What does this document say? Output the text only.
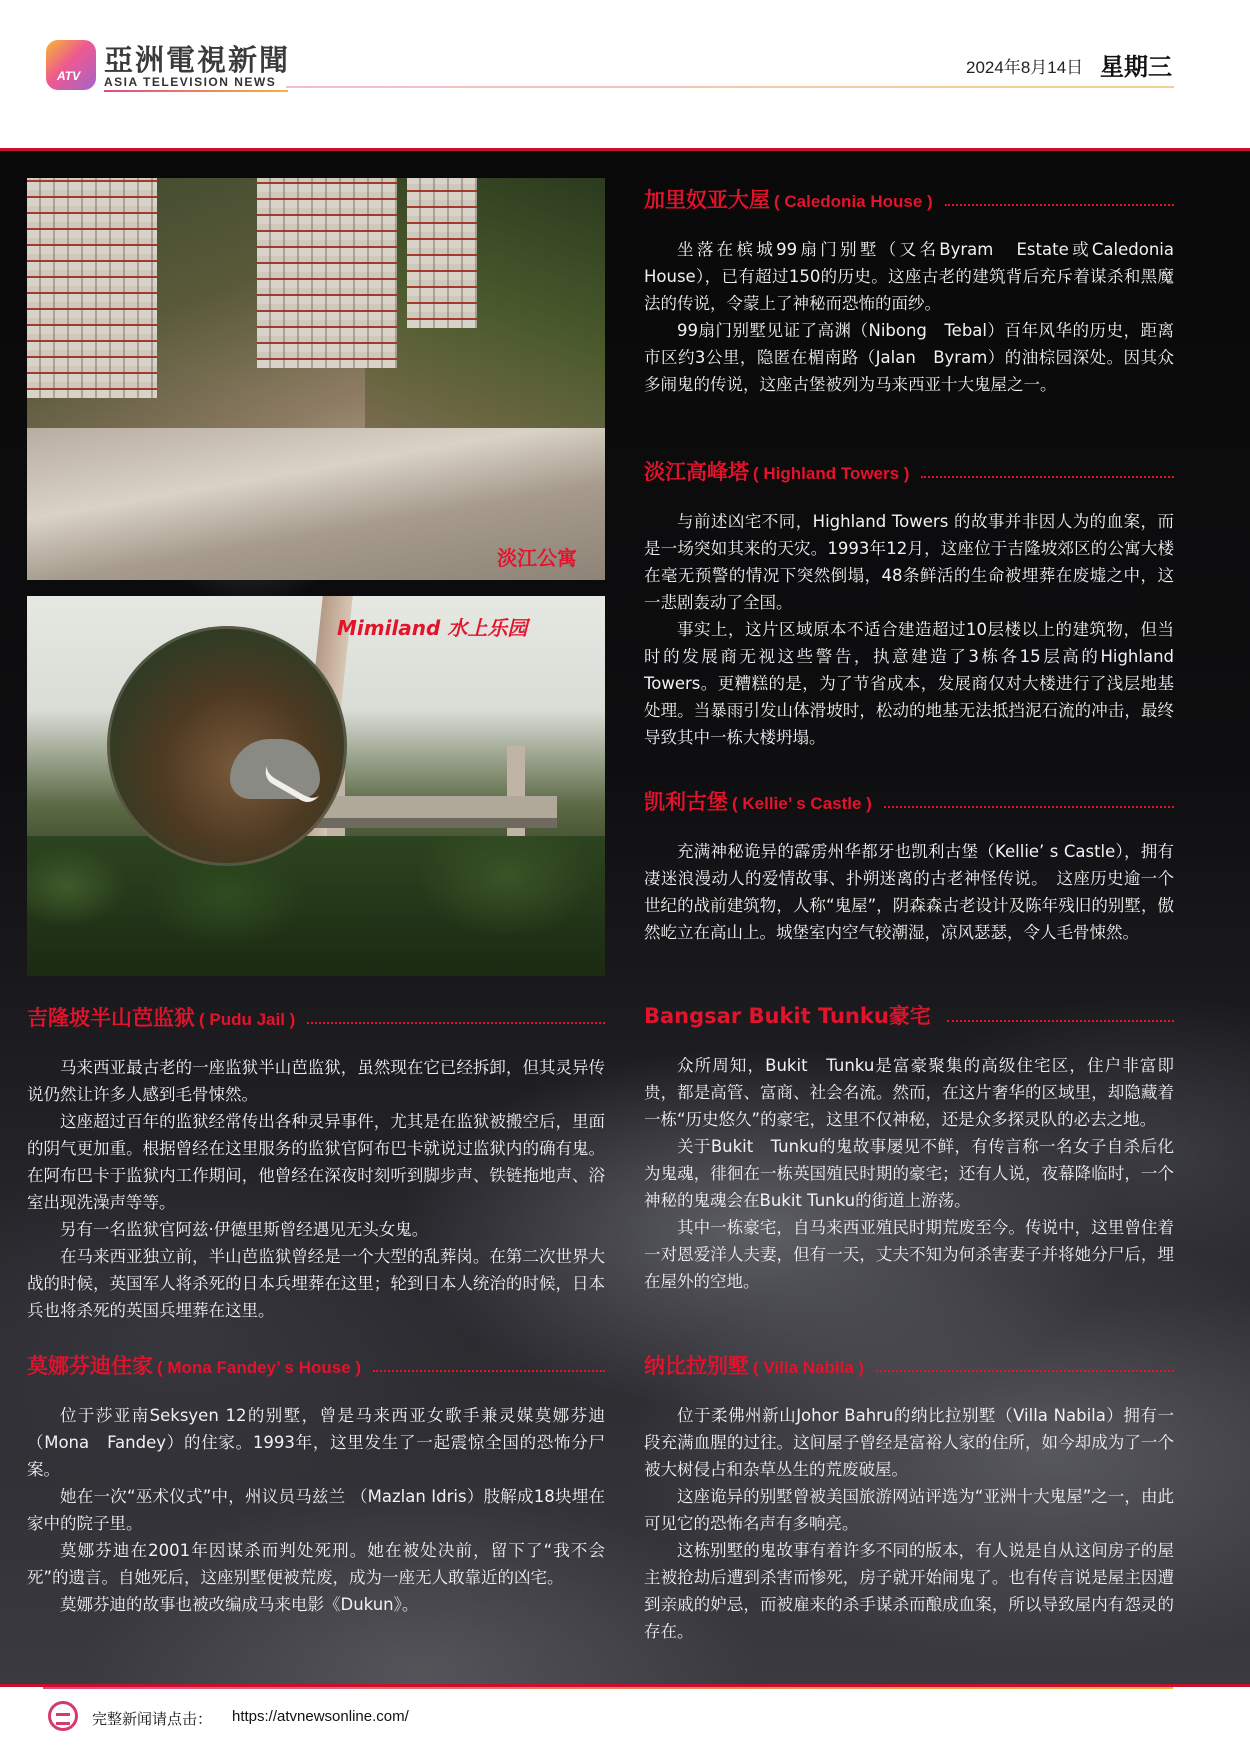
ATV 亞洲電視新聞
ASIA TELEVISION NEWS
2024年8月14日 星期三
淡江公寓
Mimiland 水上乐园
吉隆坡半山芭监狱 ( Pudu Jail )

马来西亚最古老的一座监狱半山芭监狱，虽然现在它已经拆卸，但其灵异传说仍然让许多人感到毛骨悚然。

这座超过百年的监狱经常传出各种灵异事件，尤其是在监狱被搬空后，里面的阴气更加重。根据曾经在这里服务的监狱官阿布巴卡就说过监狱内的确有鬼。在阿布巴卡于监狱内工作期间，他曾经在深夜时刻听到脚步声、铁链拖地声、浴室出现洗澡声等等。

另有一名监狱官阿兹·伊德里斯曾经遇见无头女鬼。

在马来西亚独立前，半山芭监狱曾经是一个大型的乱葬岗。在第二次世界大战的时候，英国军人将杀死的日本兵埋葬在这里；轮到日本人统治的时候，日本兵也将杀死的英国兵埋葬在这里。

莫娜芬迪住家 ( Mona Fandey’ s House )

位于莎亚南Seksyen 12的别墅，曾是马来西亚女歌手兼灵媒莫娜芬迪（Mona　Fandey）的住家。1993年，这里发生了一起震惊全国的恐怖分尸案。

她在一次“巫术仪式”中，州议员马兹兰 （Mazlan Idris）肢解成18块埋在家中的院子里。

莫娜芬迪在2001年因谋杀而判处死刑。她在被处决前，留下了“我不会死”的遗言。自她死后，这座别墅便被荒废，成为一座无人敢靠近的凶宅。

莫娜芬迪的故事也被改编成马来电影《Dukun》。

加里奴亚大屋 ( Caledonia House )

坐落在槟城99扇门别墅（又名Byram　Estate或Caledonia House），已有超过150的历史。这座古老的建筑背后充斥着谋杀和黑魔法的传说，令蒙上了神秘而恐怖的面纱。

99扇门别墅见证了高渊（Nibong　Tebal）百年风华的历史，距离市区约3公里，隐匿在楣南路（Jalan　Byram）的油棕园深处。因其众多闹鬼的传说，这座古堡被列为马来西亚十大鬼屋之一。

淡江高峰塔 ( Highland Towers )

与前述凶宅不同，Highland Towers 的故事并非因人为的血案，而是一场突如其来的天灾。1993年12月，这座位于吉隆坡郊区的公寓大楼在毫无预警的情况下突然倒塌，48条鲜活的生命被埋葬在废墟之中，这一悲剧轰动了全国。

事实上，这片区域原本不适合建造超过10层楼以上的建筑物，但当时的发展商无视这些警告，执意建造了3栋各15层高的Highland Towers。更糟糕的是，为了节省成本，发展商仅对大楼进行了浅层地基处理。当暴雨引发山体滑坡时，松动的地基无法抵挡泥石流的冲击，最终导致其中一栋大楼坍塌。

凯利古堡 ( Kellie’ s Castle )

充满神秘诡异的霹雳州华都牙也凯利古堡（Kellie’ s Castle），拥有凄迷浪漫动人的爱情故事、扑朔迷离的古老神怪传说。　这座历史逾一个世纪的战前建筑物，人称“鬼屋”，阴森森古老设计及陈年残旧的别墅，傲然屹立在高山上。城堡室内空气较潮湿，凉风瑟瑟，令人毛骨悚然。

Bangsar Bukit Tunku豪宅

众所周知，Bukit　Tunku是富豪聚集的高级住宅区，住户非富即贵，都是高管、富商、社会名流。然而，在这片奢华的区域里，却隐藏着一栋“历史悠久”的豪宅，这里不仅神秘，还是众多探灵队的必去之地。

关于Bukit　Tunku的鬼故事屡见不鲜，有传言称一名女子自杀后化为鬼魂，徘徊在一栋英国殖民时期的豪宅；还有人说，夜幕降临时，一个神秘的鬼魂会在Bukit Tunku的街道上游荡。

其中一栋豪宅，自马来西亚殖民时期荒废至今。传说中，这里曾住着一对恩爱洋人夫妻，但有一天，丈夫不知为何杀害妻子并将她分尸后，埋在屋外的空地。

纳比拉别墅 ( Villa Nabila )

位于柔佛州新山Johor Bahru的纳比拉别墅（Villa Nabila）拥有一段充满血腥的过往。这间屋子曾经是富裕人家的住所，如今却成为了一个被大树侵占和杂草丛生的荒废破屋。

这座诡异的别墅曾被美国旅游网站评选为“亚洲十大鬼屋”之一，由此可见它的恐怖名声有多响亮。

这栋别墅的鬼故事有着许多不同的版本，有人说是自从这间房子的屋主被抢劫后遭到杀害而惨死，房子就开始闹鬼了。也有传言说是屋主因遭到亲戚的妒忌，而被雇来的杀手谋杀而酿成血案，所以导致屋内有怨灵的存在。

完整新闻请点击： https://atvnewsonline.com/
